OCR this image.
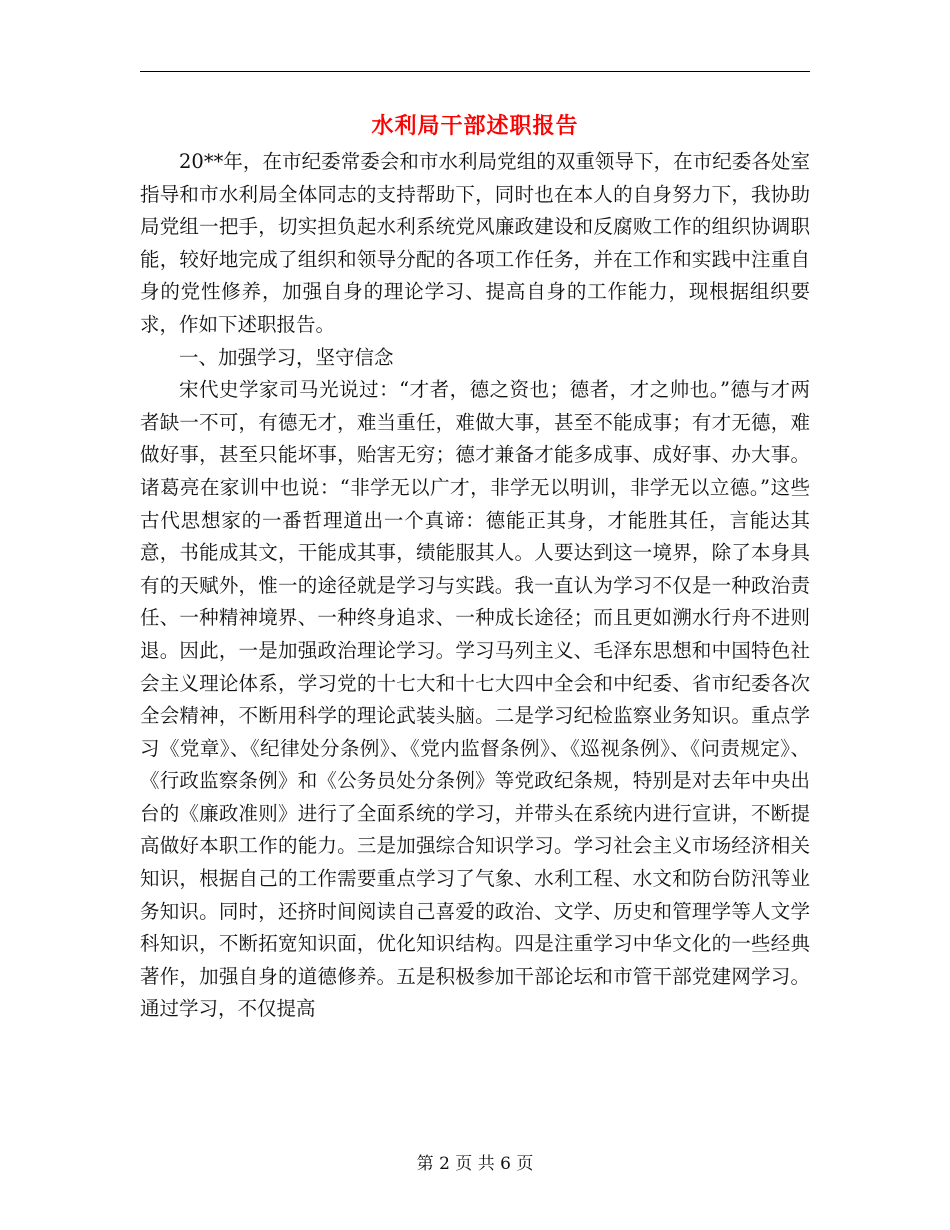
水利局干部述职报告

20**年，在市纪委常委会和市水利局党组的双重领导下，在市纪委各处室指导和市水利局全体同志的支持帮助下，同时也在本人的自身努力下，我协助局党组一把手，切实担负起水利系统党风廉政建设和反腐败工作的组织协调职能，较好地完成了组织和领导分配的各项工作任务，并在工作和实践中注重自身的党性修养，加强自身的理论学习、提高自身的工作能力，现根据组织要求，作如下述职报告。

一、加强学习，坚守信念

宋代史学家司马光说过：“才者，德之资也；德者，才之帅也。”德与才两者缺一不可，有德无才，难当重任，难做大事，甚至不能成事；有才无德，难做好事，甚至只能坏事，贻害无穷；德才兼备才能多成事、成好事、办大事。诸葛亮在家训中也说：“非学无以广才，非学无以明训，非学无以立德。”这些古代思想家的一番哲理道出一个真谛：德能正其身，才能胜其任，言能达其意，书能成其文，干能成其事，绩能服其人。人要达到这一境界，除了本身具有的天赋外，惟一的途径就是学习与实践。我一直认为学习不仅是一种政治责任、一种精神境界、一种终身追求、一种成长途径；而且更如溯水行舟不进则退。因此，一是加强政治理论学习。学习马列主义、毛泽东思想和中国特色社会主义理论体系，学习党的十七大和十七大四中全会和中纪委、省市纪委各次全会精神，不断用科学的理论武装头脑。二是学习纪检监察业务知识。重点学习《党章》、《纪律处分条例》、《党内监督条例》、《巡视条例》、《问责规定》、《行政监察条例》和《公务员处分条例》等党政纪条规，特别是对去年中央出台的《廉政准则》进行了全面系统的学习，并带头在系统内进行宣讲，不断提高做好本职工作的能力。三是加强综合知识学习。学习社会主义市场经济相关知识，根据自己的工作需要重点学习了气象、水利工程、水文和防台防汛等业务知识。同时，还挤时间阅读自己喜爱的政治、文学、历史和管理学等人文学科知识，不断拓宽知识面，优化知识结构。四是注重学习中华文化的一些经典著作，加强自身的道德修养。五是积极参加干部论坛和市管干部党建网学习。通过学习，不仅提高

第 2 页 共 6 页
